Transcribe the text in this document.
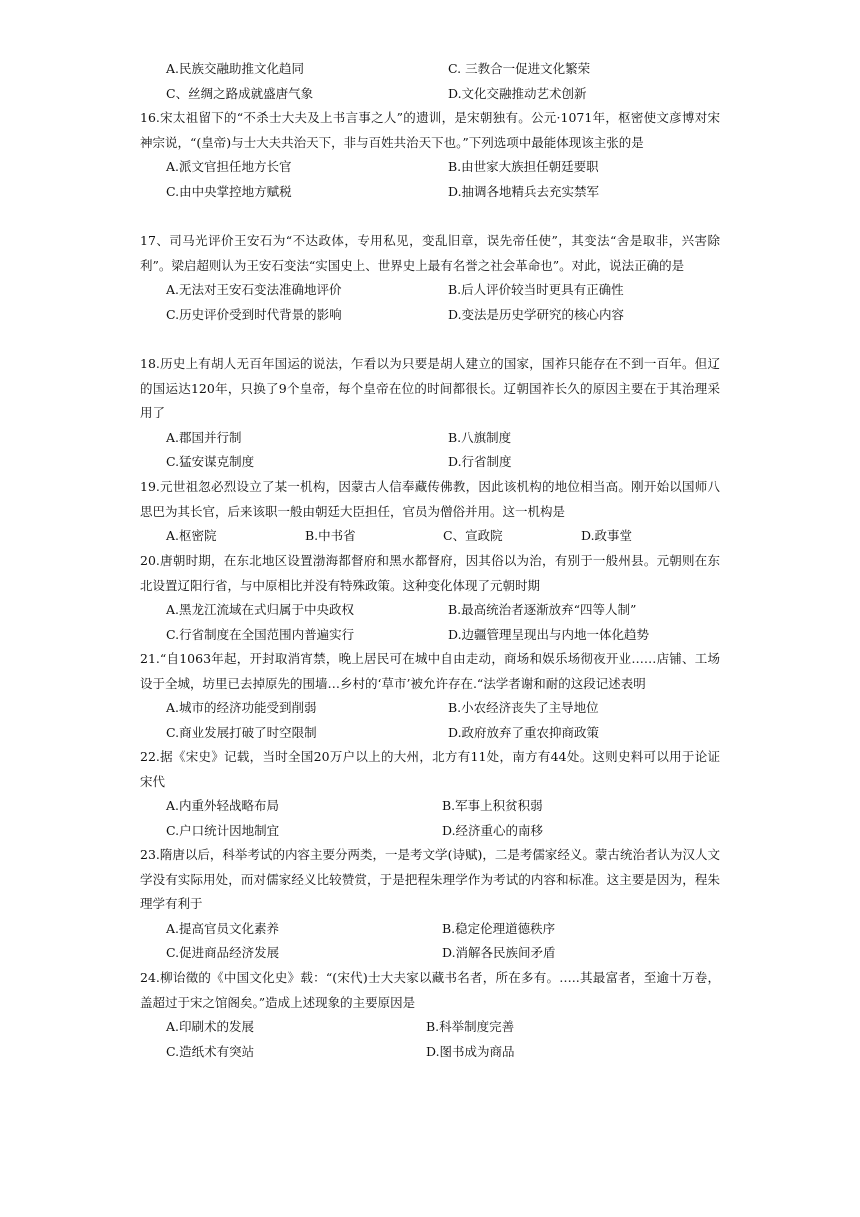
A.民族交融助推文化趋同	C. 三教合一促进文化繁荣
C、丝绸之路成就盛唐气象	D.文化交融推动艺术创新

16.宋太祖留下的“不杀士大夫及上书言事之人”的遗训，是宋朝独有。公元·1071年，枢密使文彦博对宋神宗说，“(皇帝)与士大夫共治天下，非与百姓共治天下也。”下列选项中最能体现该主张的是

A.派文官担任地方长官	B.由世家大族担任朝廷要职
C.由中央掌控地方赋税	D.抽调各地精兵去充实禁军

17、司马光评价王安石为“不达政体，专用私见，变乱旧章，误先帝任使”，其变法“舍是取非，兴害除利”。梁启超则认为王安石变法“实国史上、世界史上最有名誉之社会革命也”。对此，说法正确的是

A.无法对王安石变法准确地评价	B.后人评价较当时更具有正确性
C.历史评价受到时代背景的影响	D.变法是历史学研究的核心内容

18.历史上有胡人无百年国运的说法，乍看以为只要是胡人建立的国家，国祚只能存在不到一百年。但辽的国运达120年，只换了9个皇帝，每个皇帝在位的时间都很长。辽朝国祚长久的原因主要在于其治理采用了

A.郡国并行制	B.八旗制度
C.猛安谋克制度	D.行省制度

19.元世祖忽必烈设立了某一机构，因蒙古人信奉藏传佛教，因此该机构的地位相当高。刚开始以国师八思巴为其长官，后来该职一般由朝廷大臣担任，官员为僧俗并用。这一机构是

A.枢密院	B.中书省	C、宣政院	D.政事堂

20.唐朝时期，在东北地区设置渤海都督府和黑水都督府，因其俗以为治，有别于一般州县。元朝则在东北设置辽阳行省，与中原相比并没有特殊政策。这种变化体现了元朝时期

A.黑龙江流域在式归属于中央政权	B.最高统治者逐渐放弃“四等人制”
C.行省制度在全国范围内普遍实行	D.边疆管理呈现出与内地一体化趋势

21.“自1063年起，开封取消宵禁，晚上居民可在城中自由走动，商场和娱乐场彻夜开业……店铺、工场设于全城，坊里已去掉原先的围墙…乡村的‘草市’被允许存在.“法学者谢和耐的这段记述表明

A.城市的经济功能受到削弱	B.小农经济丧失了主导地位
C.商业发展打破了时空限制	D.政府放弃了重农抑商政策

22.据《宋史》记载，当时全国20万户以上的大州，北方有11处，南方有44处。这则史料可以用于论证宋代

A.内重外轻战略布局	B.军事上积贫积弱
C.户口统计因地制宜	D.经济重心的南移

23.隋唐以后，科举考试的内容主要分两类，一是考文学(诗赋)，二是考儒家经义。蒙古统治者认为汉人文学没有实际用处，而对儒家经义比较赞赏，于是把程朱理学作为考试的内容和标准。这主要是因为，程朱理学有利于

A.提高官员文化素养	B.稳定伦理道德秩序
C.促进商品经济发展	D.消解各民族间矛盾

24.柳诒徵的《中国文化史》载：“(宋代)士大夫家以藏书名者，所在多有。…..其最富者，至逾十万卷，盖超过于宋之馆阁矣。”造成上述现象的主要原因是

A.印刷术的发展	B.科举制度完善
C.造纸术有突站	D.图书成为商品
